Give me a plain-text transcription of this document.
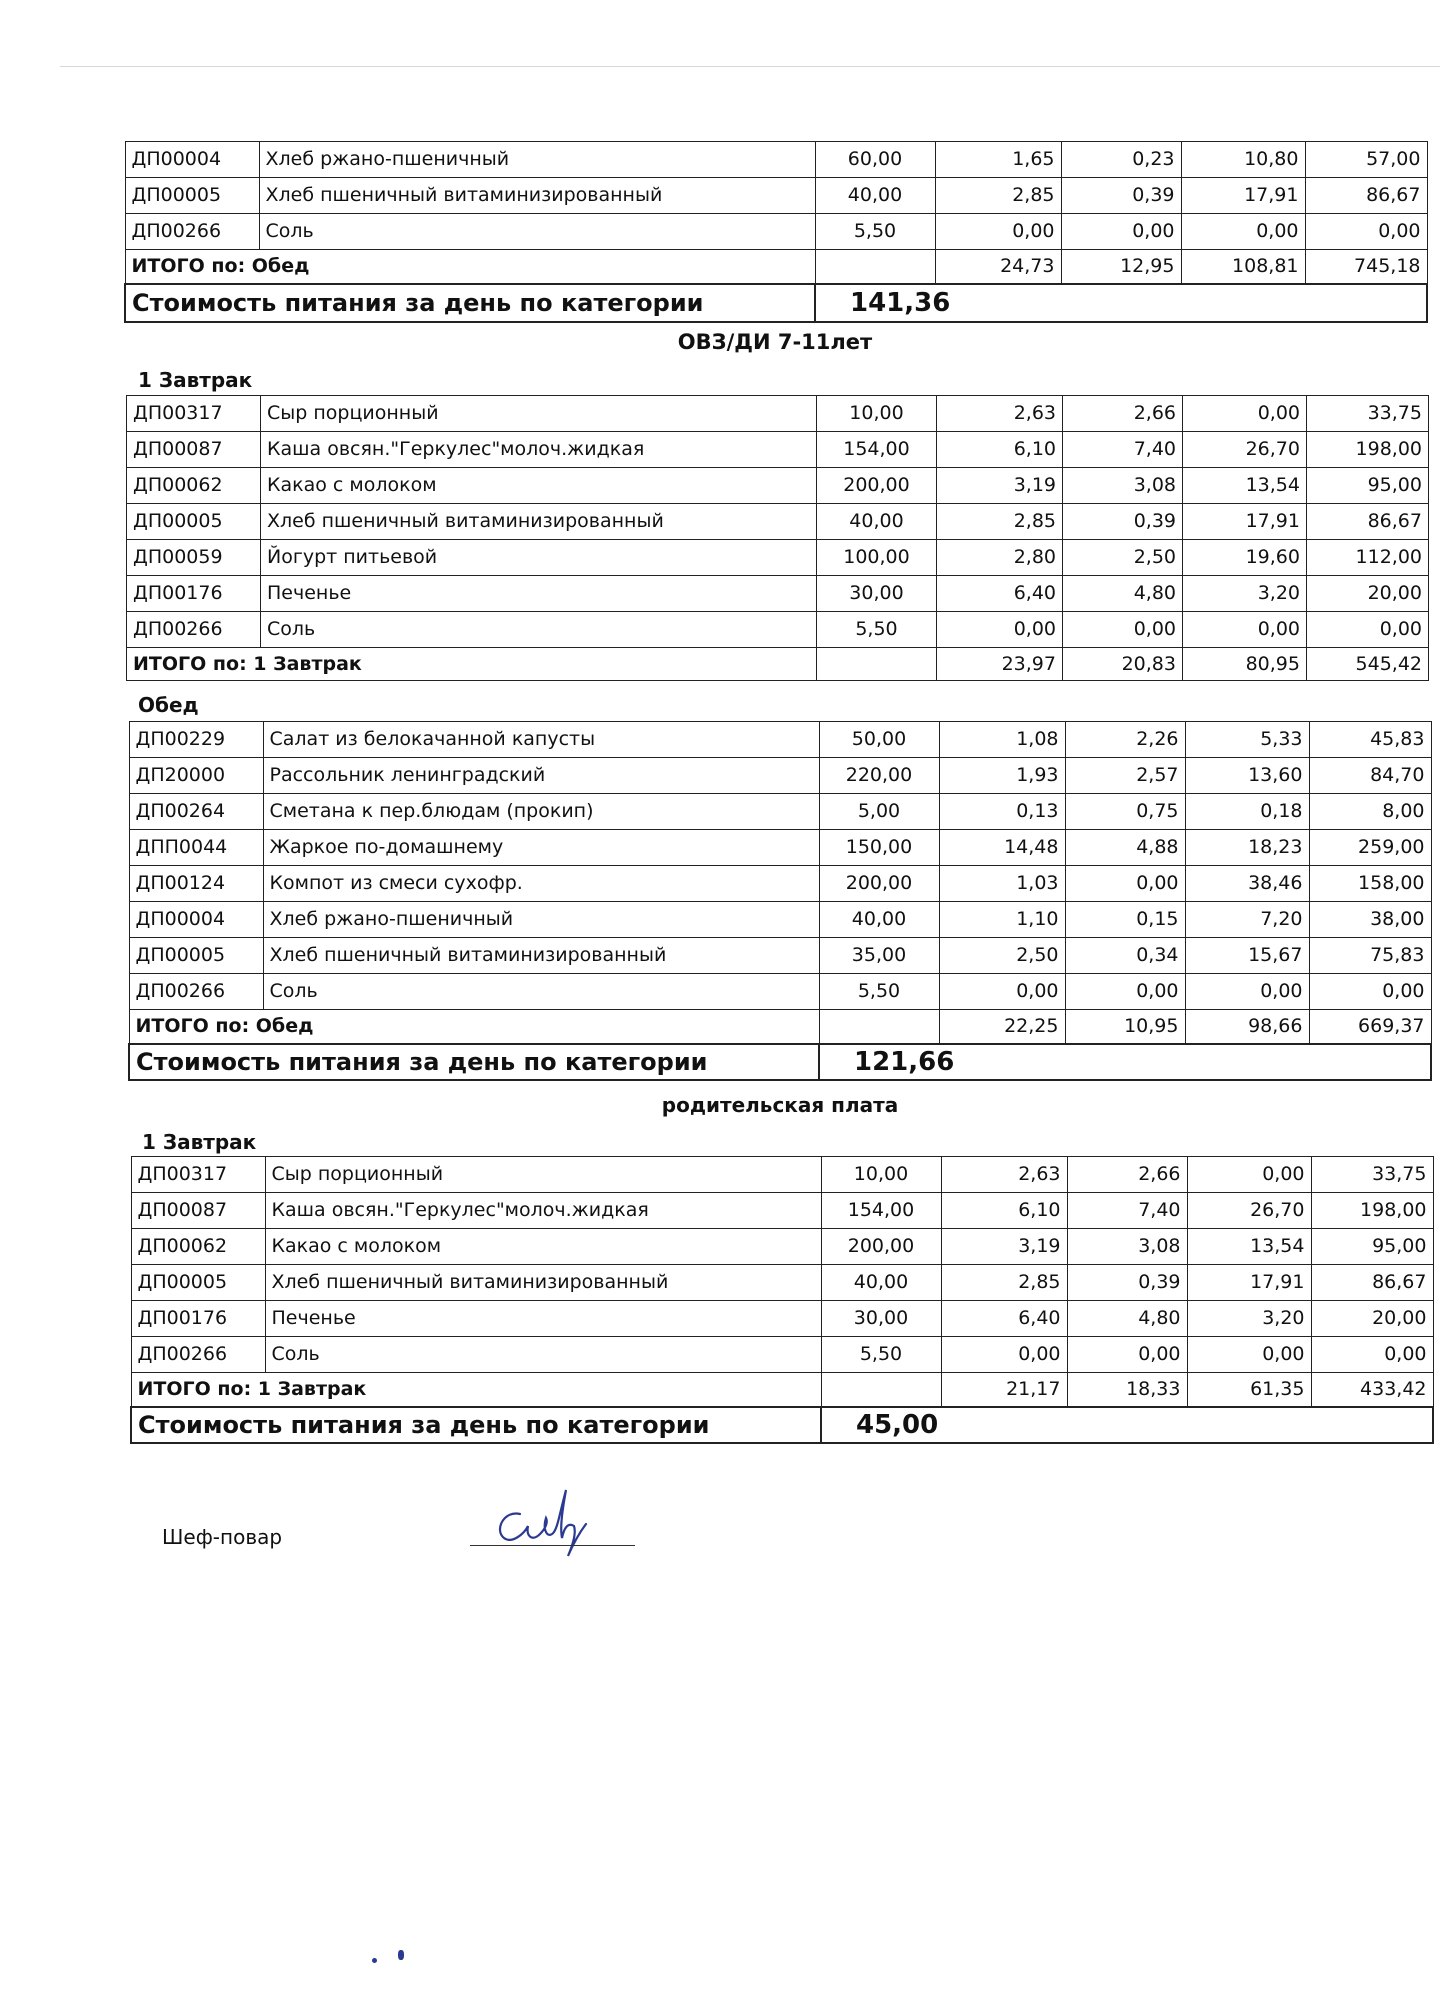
ДП00004	Хлеб ржано-пшеничный	60,00	1,65	0,23	10,80	57,00
ДП00005	Хлеб пшеничный витаминизированный	40,00	2,85	0,39	17,91	86,67
ДП00266	Соль	5,50	0,00	0,00	0,00	0,00
ИТОГО по: Обед			24,73	12,95	108,81	745,18
Стоимость питания за день по категории		141,36				
ОВЗ/ДИ 7-11лет
1 Завтрак
ДП00317	Сыр порционный	10,00	2,63	2,66	0,00	33,75
ДП00087	Каша овсян."Геркулес"молоч.жидкая	154,00	6,10	7,40	26,70	198,00
ДП00062	Какао с молоком	200,00	3,19	3,08	13,54	95,00
ДП00005	Хлеб пшеничный витаминизированный	40,00	2,85	0,39	17,91	86,67
ДП00059	Йогурт питьевой	100,00	2,80	2,50	19,60	112,00
ДП00176	Печенье	30,00	6,40	4,80	3,20	20,00
ДП00266	Соль	5,50	0,00	0,00	0,00	0,00
ИТОГО по: 1 Завтрак			23,97	20,83	80,95	545,42
Обед
ДП00229	Салат из белокачанной капусты	50,00	1,08	2,26	5,33	45,83
ДП20000	Рассольник ленинградский	220,00	1,93	2,57	13,60	84,70
ДП00264	Сметана к пер.блюдам (прокип)	5,00	0,13	0,75	0,18	8,00
ДПП0044	Жаркое по-домашнему	150,00	14,48	4,88	18,23	259,00
ДП00124	Компот из смеси сухофр.	200,00	1,03	0,00	38,46	158,00
ДП00004	Хлеб ржано-пшеничный	40,00	1,10	0,15	7,20	38,00
ДП00005	Хлеб пшеничный витаминизированный	35,00	2,50	0,34	15,67	75,83
ДП00266	Соль	5,50	0,00	0,00	0,00	0,00
ИТОГО по: Обед			22,25	10,95	98,66	669,37
Стоимость питания за день по категории		121,66				
родительская плата
1 Завтрак
ДП00317	Сыр порционный	10,00	2,63	2,66	0,00	33,75
ДП00087	Каша овсян."Геркулес"молоч.жидкая	154,00	6,10	7,40	26,70	198,00
ДП00062	Какао с молоком	200,00	3,19	3,08	13,54	95,00
ДП00005	Хлеб пшеничный витаминизированный	40,00	2,85	0,39	17,91	86,67
ДП00176	Печенье	30,00	6,40	4,80	3,20	20,00
ДП00266	Соль	5,50	0,00	0,00	0,00	0,00
ИТОГО по: 1 Завтрак			21,17	18,33	61,35	433,42
Стоимость питания за день по категории		45,00				
Шеф-повар
